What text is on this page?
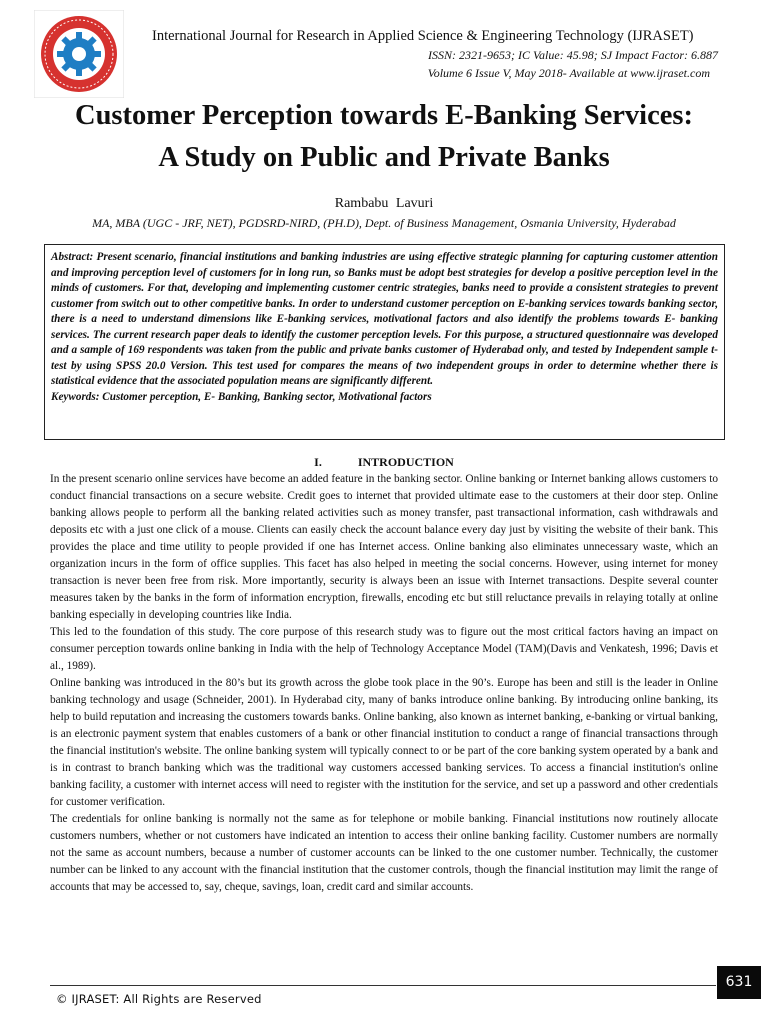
International Journal for Research in Applied Science & Engineering Technology (IJRASET)
ISSN: 2321-9653; IC Value: 45.98; SJ Impact Factor: 6.887
Volume 6 Issue V, May 2018- Available at www.ijraset.com
Customer Perception towards E-Banking Services:
A Study on Public and Private Banks
Rambabu Lavuri
MA, MBA (UGC - JRF, NET), PGDSRD-NIRD, (PH.D), Dept. of Business Management, Osmania University, Hyderabad

Abstract: Present scenario, financial institutions and banking industries are using effective strategic planning for capturing customer attention and improving perception level of customers for in long run, so Banks must be adopt best strategies for develop a positive perception level in the minds of customers. For that, developing and implementing customer centric strategies, banks need to provide a consistent strategies to prevent customer from switch out to other competitive banks. In order to understand customer perception on E-banking services towards banking sector, there is a need to understand dimensions like E-banking services, motivational factors and also identify the problems towards E- banking services. The current research paper deals to identify the customer perception levels. For this purpose, a structured questionnaire was developed and a sample of 169 respondents was taken from the public and private banks customer of Hyderabad only, and tested by Independent sample t- test by using SPSS 20.0 Version. This test used for compares the means of two independent groups in order to determine whether there is statistical evidence that the associated population means are significantly different.

Keywords: Customer perception, E- Banking, Banking sector, Motivational factors

I.	INTRODUCTION

In the present scenario online services have become an added feature in the banking sector. Online banking or Internet banking allows customers to conduct financial transactions on a secure website. Credit goes to internet that provided ultimate ease to the customers at their door step. Online banking allows people to perform all the banking related activities such as money transfer, past transactional information, cash withdrawals and deposits etc with a just one click of a mouse. Clients can easily check the account balance every day just by visiting the website of their bank. This provides the place and time utility to people provided if one has Internet access. Online banking also eliminates unnecessary waste, which an organization incurs in the form of office supplies. This facet has also helped in meeting the social concerns. However, using internet for money transaction is never been free from risk. More importantly, security is always been an issue with Internet transactions. Despite several counter measures taken by the banks in the form of information encryption, firewalls, encoding etc but still reluctance prevails in relaying totally at online banking especially in developing countries like India.

This led to the foundation of this study. The core purpose of this research study was to figure out the most critical factors having an impact on consumer perception towards online banking in India with the help of Technology Acceptance Model (TAM)(Davis and Venkatesh, 1996; Davis et al., 1989).

Online banking was introduced in the 80’s but its growth across the globe took place in the 90’s. Europe has been and still is the leader in Online banking technology and usage (Schneider, 2001). In Hyderabad city, many of banks introduce online banking. By introducing online banking, its help to build reputation and increasing the customers towards banks. Online banking, also known as internet banking, e-banking or virtual banking, is an electronic payment system that enables customers of a bank or other financial institution to conduct a range of financial transactions through the financial institution's website. The online banking system will typically connect to or be part of the core banking system operated by a bank and is in contrast to branch banking which was the traditional way customers accessed banking services. To access a financial institution's online banking facility, a customer with internet access will need to register with the institution for the service, and set up a password and other credentials for customer verification.

The credentials for online banking is normally not the same as for telephone or mobile banking. Financial institutions now routinely allocate customers numbers, whether or not customers have indicated an intention to access their online banking facility. Customer numbers are normally not the same as account numbers, because a number of customer accounts can be linked to the one customer number. Technically, the customer number can be linked to any account with the financial institution that the customer controls, though the financial institution may limit the range of accounts that may be accessed to, say, cheque, savings, loan, credit card and similar accounts.

© IJRASET: All Rights are Reserved
631
